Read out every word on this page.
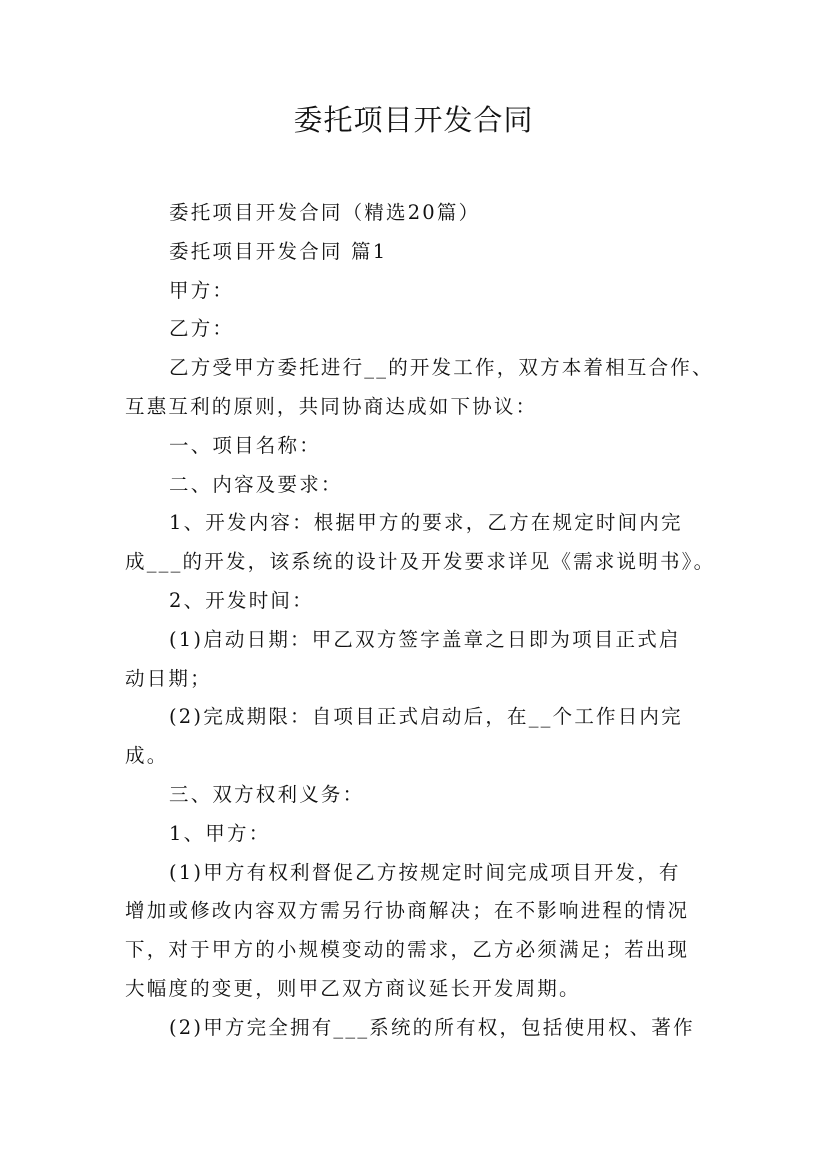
委托项目开发合同
委托项目开发合同（精选20篇）
委托项目开发合同 篇1
甲方：
乙方：
乙方受甲方委托进行__的开发工作，双方本着相互合作、
互惠互利的原则，共同协商达成如下协议：
一、项目名称：
二、内容及要求：
1、开发内容：根据甲方的要求，乙方在规定时间内完
成___的开发，该系统的设计及开发要求详见《需求说明书》。
2、开发时间：
(1)启动日期：甲乙双方签字盖章之日即为项目正式启
动日期；
(2)完成期限：自项目正式启动后，在__个工作日内完
成。
三、双方权利义务：
1、甲方：
(1)甲方有权利督促乙方按规定时间完成项目开发，有
增加或修改内容双方需另行协商解决；在不影响进程的情况
下，对于甲方的小规模变动的需求，乙方必须满足；若出现
大幅度的变更，则甲乙双方商议延长开发周期。
(2)甲方完全拥有___系统的所有权，包括使用权、著作
